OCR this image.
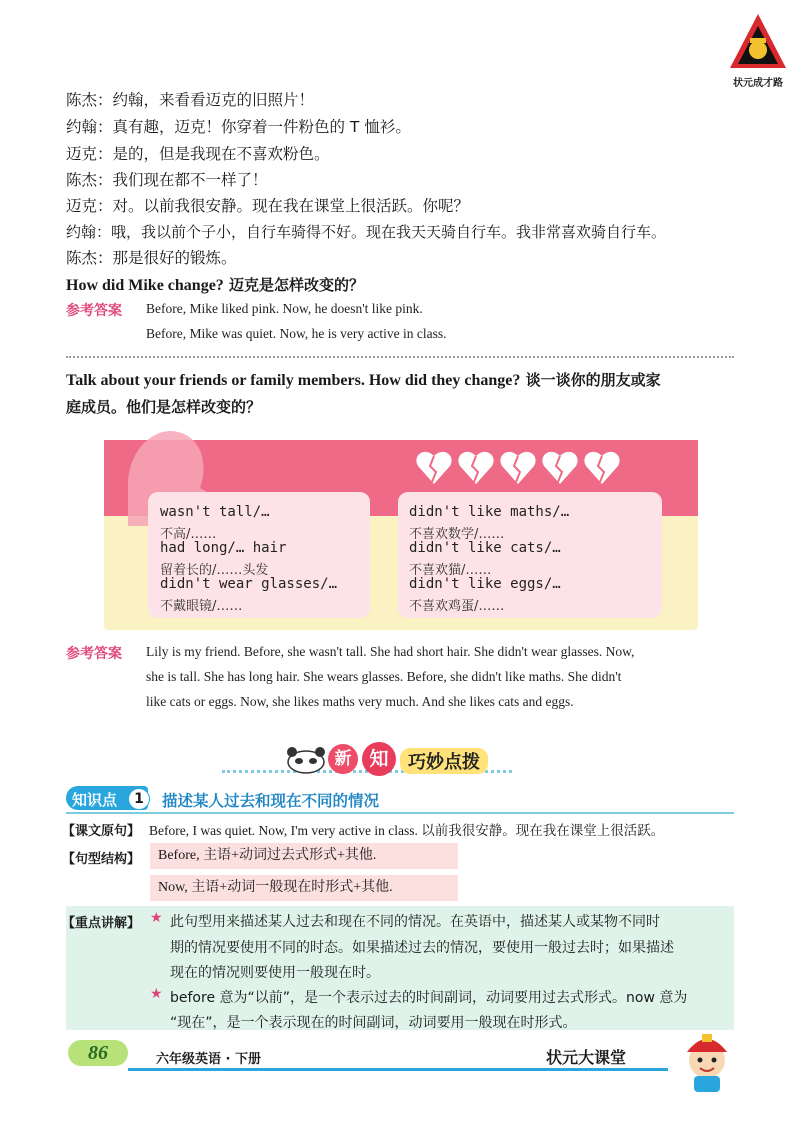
状元成才路
陈杰：约翰，来看看迈克的旧照片！
约翰：真有趣，迈克！你穿着一件粉色的 T 恤衫。
迈克：是的，但是我现在不喜欢粉色。
陈杰：我们现在都不一样了！
迈克：对。以前我很安静。现在我在课堂上很活跃。你呢？
约翰：哦，我以前个子小，自行车骑得不好。现在我天天骑自行车。我非常喜欢骑自行车。
陈杰：那是很好的锻炼。
How did Mike change? 迈克是怎样改变的？
参考答案 Before, Mike liked pink. Now, he doesn't like pink.
Before, Mike was quiet. Now, he is very active in class.
Talk about your friends or family members. How did they change? 谈一谈你的朋友或家
庭成员。他们是怎样改变的？
wasn't tall/…
不高/……
had long/… hair
留着长的/……头发
didn't wear glasses/…
不戴眼镜/……
didn't like maths/…
不喜欢数学/……
didn't like cats/…
不喜欢猫/……
didn't like eggs/…
不喜欢鸡蛋/……
参考答案 Lily is my friend. Before, she wasn't tall. She had short hair. She didn't wear glasses. Now,
she is tall. She has long hair. She wears glasses. Before, she didn't like maths. She didn't
like cats or eggs. Now, she likes maths very much. And she likes cats and eggs.
新 知	巧妙点拨
知识点	1	描述某人过去和现在不同的情况
【课文原句】 Before, I was quiet. Now, I'm very active in class. 以前我很安静。现在我在课堂上很活跃。
【句型结构】	Before, 主语+动词过去式形式+其他.
Now, 主语+动词一般现在时形式+其他.
【重点讲解】 ★ 此句型用来描述某人过去和现在不同的情况。在英语中，描述某人或某物不同时
期的情况要使用不同的时态。如果描述过去的情况，要使用一般过去时；如果描述
现在的情况则要使用一般现在时。
★ before 意为“以前”，是一个表示过去的时间副词，动词要用过去式形式。now 意为
“现在”，是一个表示现在的时间副词，动词要用一般现在时形式。
86	六年级英语 · 下册	状元大课堂
